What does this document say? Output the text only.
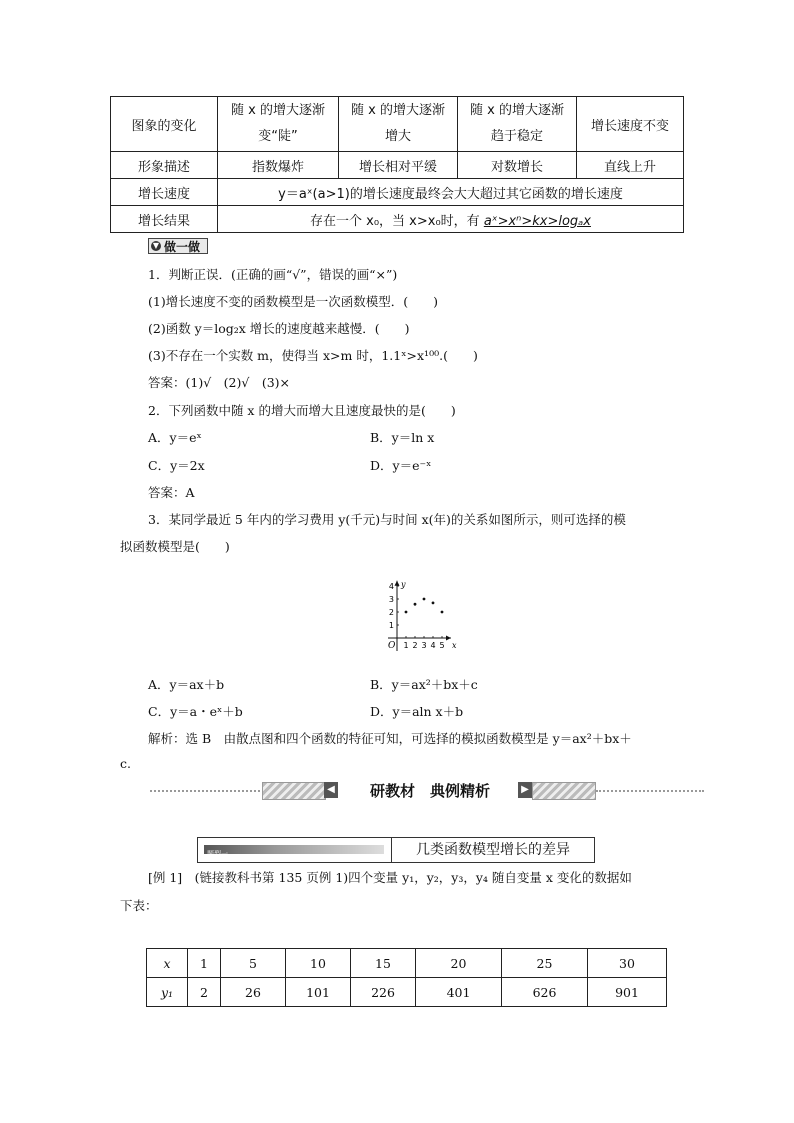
图象的变化	随 x 的增大逐渐变“陡”	随 x 的增大逐渐增大	随 x 的增大逐渐趋于稳定	增长速度不变
形象描述	指数爆炸	增长相对平缓	对数增长	直线上升
增长速度	y＝aˣ(a>1)的增长速度最终会大大超过其它函数的增长速度			
增长结果	存在一个 x₀，当 x>x₀时，有 aˣ>xⁿ>kx>logₐx			
▼ 做一做
1．判断正误．(正确的画“√”，错误的画“×”)
(1)增长速度不变的函数模型是一次函数模型．(　　)
(2)函数 y＝log₂x 增长的速度越来越慢．(　　)
(3)不存在一个实数 m，使得当 x>m 时，1.1ˣ>x¹⁰⁰.(　　)
答案：(1)√　(2)√　(3)×
2．下列函数中随 x 的增大而增大且速度最快的是(　　)
A．y＝eˣ	B．y＝ln x
C．y＝2x	D．y＝e⁻ˣ
答案：A
3．某同学最近 5 年内的学习费用 y(千元)与时间 x(年)的关系如图所示，则可选择的模
拟函数模型是(　　)
x
y
O 1 2 3 4 5
1
2
3
4
A．y＝ax＋b	B．y＝ax²＋bx＋c
C．y＝a・eˣ＋b	D．y＝aln x＋b
解析：选 B　由散点图和四个函数的特征可知，可选择的模拟函数模型是 y＝ax²＋bx＋
c.
◀	研教材　典例精析	▶
题型一	几类函数模型增长的差异
[例 1]　(链接教科书第 135 页例 1)四个变量 y₁，y₂，y₃，y₄ 随自变量 x 变化的数据如
下表：
x	1	5	10	15	20	25	30
y₁	2	26	101	226	401	626	901
